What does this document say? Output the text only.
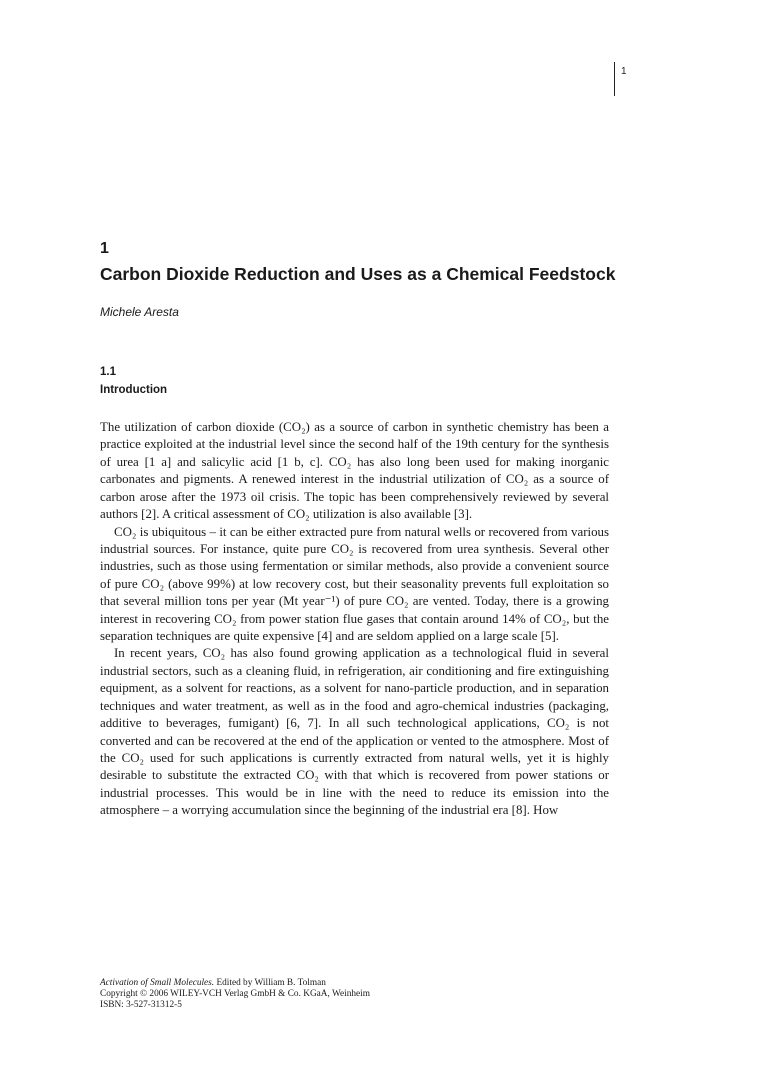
1
1
Carbon Dioxide Reduction and Uses as a Chemical Feedstock
Michele Aresta
1.1
Introduction

The utilization of carbon dioxide (CO₂) as a source of carbon in synthetic chemistry has been a practice exploited at the industrial level since the second half of the 19th century for the synthesis of urea [1 a] and salicylic acid [1 b, c]. CO₂ has also long been used for making inorganic carbonates and pigments. A renewed interest in the industrial utilization of CO₂ as a source of carbon arose after the 1973 oil crisis. The topic has been comprehensively reviewed by several authors [2]. A critical assessment of CO₂ utilization is also available [3].

CO₂ is ubiquitous – it can be either extracted pure from natural wells or recovered from various industrial sources. For instance, quite pure CO₂ is recovered from urea synthesis. Several other industries, such as those using fermentation or similar methods, also provide a convenient source of pure CO₂ (above 99%) at low recovery cost, but their seasonality prevents full exploitation so that several million tons per year (Mt year⁻¹) of pure CO₂ are vented. Today, there is a growing interest in recovering CO₂ from power station flue gases that contain around 14% of CO₂, but the separation techniques are quite expensive [4] and are seldom applied on a large scale [5].

In recent years, CO₂ has also found growing application as a technological fluid in several industrial sectors, such as a cleaning fluid, in refrigeration, air conditioning and fire extinguishing equipment, as a solvent for reactions, as a solvent for nano-particle production, and in separation techniques and water treatment, as well as in the food and agro-chemical industries (packaging, additive to beverages, fumigant) [6, 7]. In all such technological applications, CO₂ is not converted and can be recovered at the end of the application or vented to the atmosphere. Most of the CO₂ used for such applications is currently extracted from natural wells, yet it is highly desirable to substitute the extracted CO₂ with that which is recovered from power stations or industrial processes. This would be in line with the need to reduce its emission into the atmosphere – a worrying accumulation since the beginning of the industrial era [8]. How

Activation of Small Molecules. Edited by William B. Tolman
Copyright © 2006 WILEY-VCH Verlag GmbH & Co. KGaA, Weinheim
ISBN: 3-527-31312-5
